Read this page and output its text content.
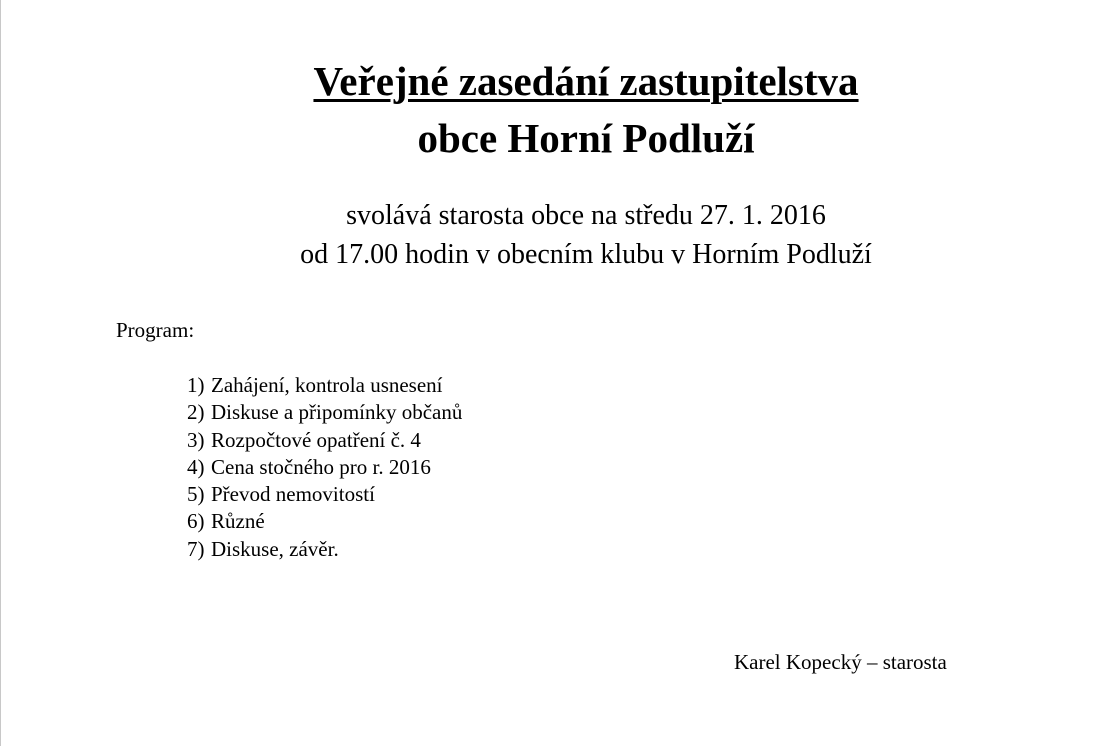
Veřejné zasedání zastupitelstva
obce Horní Podluží
svolává starosta obce na středu 27. 1. 2016
od 17.00 hodin v obecním klubu v Horním Podluží
Program:
1) Zahájení, kontrola usnesení
2) Diskuse a připomínky občanů
3) Rozpočtové opatření č. 4
4) Cena stočného pro r. 2016
5) Převod nemovitostí
6) Různé
7) Diskuse, závěr.
Karel Kopecký – starosta
